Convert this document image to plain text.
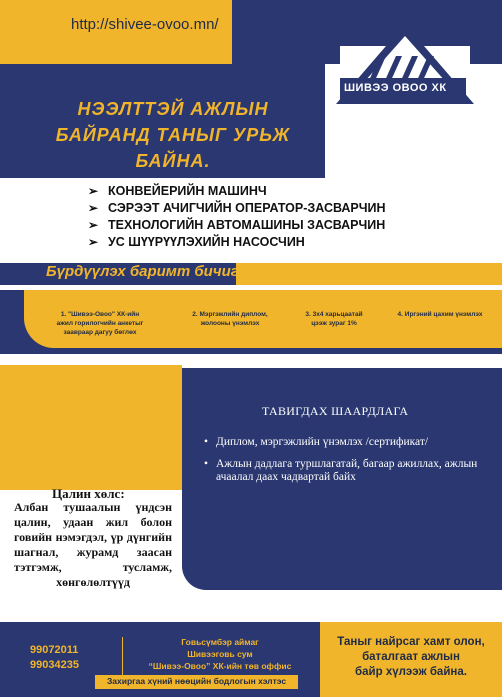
http://shivee-ovoo.mn/
ШИВЭЭ ОВОО ХК
НЭЭЛТТЭЙ АЖЛЫН
БАЙРАНД ТАНЫГ УРЬЖ
БАЙНА.
➢ КОНВЕЙЕРИЙН МАШИНЧ
➢ СЭРЭЭТ АЧИГЧИЙН ОПЕРАТОР-ЗАСВАРЧИН
➢ ТЕХНОЛОГИЙН АВТОМАШИНЫ ЗАСВАРЧИН
➢ УС ШҮҮРҮҮЛЭХИЙН НАСОСЧИН
Бүрдүүлэх баримт бичиг
1. "Шивээ-Овоо" ХК-ийн
ажил горилогчийн анкетыг
заавраар дагуу бөглөх
2. Мэргэжлийн диплом,
жолооны үнэмлэх
3. 3х4 харьцаатай
цээж зураг 1%
4. Иргэний цахим үнэмлэх
ТАВИГДАХ ШААРДЛАГА
• Диплом, мэргэжлийн үнэмлэх /сертификат/
• Ажлын дадлага туршлагатай, багаар ажиллах, ажлын ачаалал даах чадвартай байх
Цалин хөлс:
Албан тушаалын үндсэн цалин, удаан жил болон говийн нэмэгдэл, үр дүнгийн шагнал, журамд заасан тэтгэмж, тусламж, хөнгөлөлтүүд
99072011
99034235
Говьсүмбэр аймаг
Шивээговь сум
“Шивээ-Овоо” ХК-ийн төв оффис
Захиргаа хүний нөөцийн бодлогын хэлтэс
Таныг найрсаг хамт олон,
баталгаат ажлын
байр хүлээж байна.
